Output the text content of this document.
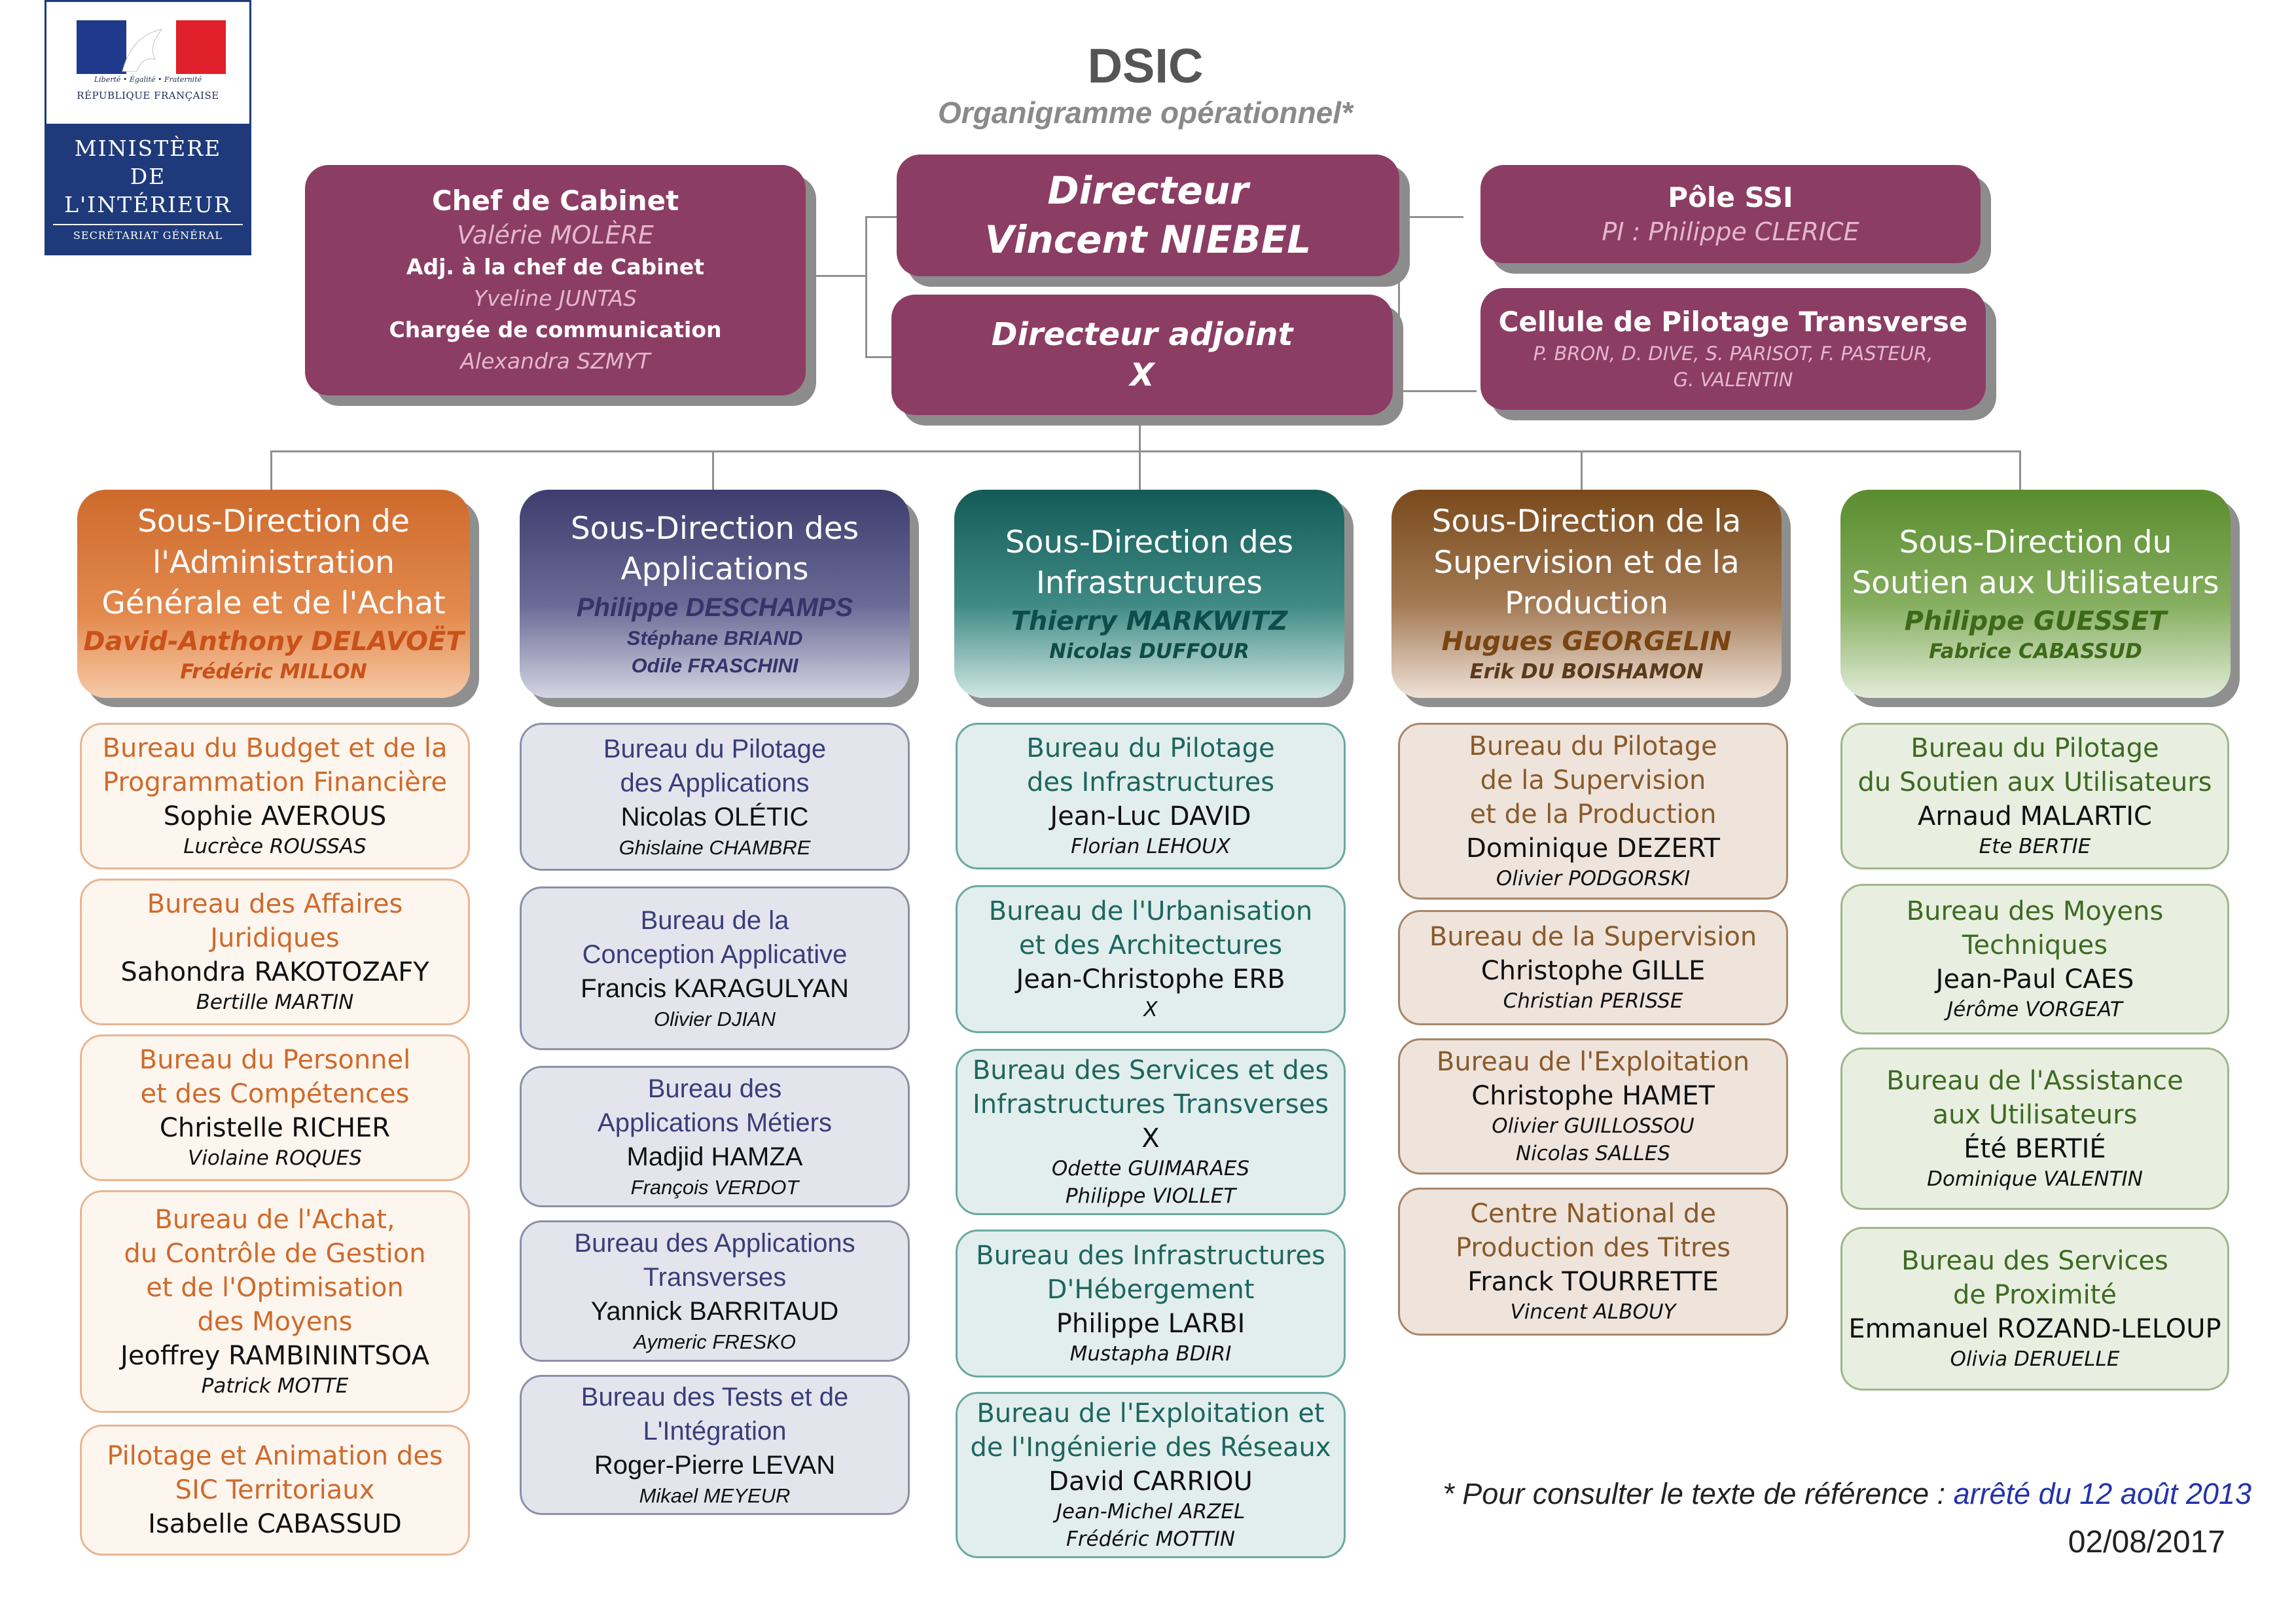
Liberté • Égalité • Fraternité
RÉPUBLIQUE FRANÇAISE
MINISTÈRE
DE
L'INTÉRIEUR
SECRÉTARIAT GÉNÉRAL
DSIC
Organigramme opérationnel*
Chef de Cabinet
Valérie MOLÈRE
Adj. à la chef de Cabinet
Yveline JUNTAS
Chargée de communication
Alexandra SZMYT
Directeur
Vincent NIEBEL
Directeur adjoint
X
Pôle SSI
PI : Philippe CLERICE
Cellule de Pilotage Transverse
P. BRON, D. DIVE, S. PARISOT, F. PASTEUR,
G. VALENTIN
Sous-Direction de
l'Administration
Générale et de l'Achat
David-Anthony DELAVOËT
Frédéric MILLON
Bureau du Budget et de la
Programmation Financière
Sophie AVEROUS
Lucrèce ROUSSAS
Bureau des Affaires
Juridiques
Sahondra RAKOTOZAFY
Bertille MARTIN
Bureau du Personnel
et des Compétences
Christelle RICHER
Violaine ROQUES
Bureau de l'Achat,
du Contrôle de Gestion
et de l'Optimisation
des Moyens
Jeoffrey RAMBININTSOA
Patrick MOTTE
Pilotage et Animation des
SIC Territoriaux
Isabelle CABASSUD
Sous-Direction des
Applications
Philippe DESCHAMPS
Stéphane BRIAND
Odile FRASCHINI
Bureau du Pilotage
des Applications
Nicolas OLÉTIC
Ghislaine CHAMBRE
Bureau de la
Conception Applicative
Francis KARAGULYAN
Olivier DJIAN
Bureau des
Applications Métiers
Madjid HAMZA
François VERDOT
Bureau des Applications
Transverses
Yannick BARRITAUD
Aymeric FRESKO
Bureau des Tests et de
L'Intégration
Roger-Pierre LEVAN
Mikael MEYEUR
Sous-Direction des
Infrastructures
Thierry MARKWITZ
Nicolas DUFFOUR
Bureau du Pilotage
des Infrastructures
Jean-Luc DAVID
Florian LEHOUX
Bureau de l'Urbanisation
et des Architectures
Jean-Christophe ERB
X
Bureau des Services et des
Infrastructures Transverses
X
Odette GUIMARAES
Philippe VIOLLET
Bureau des Infrastructures
D'Hébergement
Philippe LARBI
Mustapha BDIRI
Bureau de l'Exploitation et
de l'Ingénierie des Réseaux
David CARRIOU
Jean-Michel ARZEL
Frédéric MOTTIN
Sous-Direction de la
Supervision et de la
Production
Hugues GEORGELIN
Erik DU BOISHAMON
Bureau du Pilotage
de la Supervision
et de la Production
Dominique DEZERT
Olivier PODGORSKI
Bureau de la Supervision
Christophe GILLE
Christian PERISSE
Bureau de l'Exploitation
Christophe HAMET
Olivier GUILLOSSOU
Nicolas SALLES
Centre National de
Production des Titres
Franck TOURRETTE
Vincent ALBOUY
Sous-Direction du
Soutien aux Utilisateurs
Philippe GUESSET
Fabrice CABASSUD
Bureau du Pilotage
du Soutien aux Utilisateurs
Arnaud MALARTIC
Ete BERTIE
Bureau des Moyens
Techniques
Jean-Paul CAES
Jérôme VORGEAT
Bureau de l'Assistance
aux Utilisateurs
Été BERTIÉ
Dominique VALENTIN
Bureau des Services
de Proximité
Emmanuel ROZAND-LELOUP
Olivia DERUELLE
* Pour consulter le texte de référence : arrêté du 12 août 2013
02/08/2017
